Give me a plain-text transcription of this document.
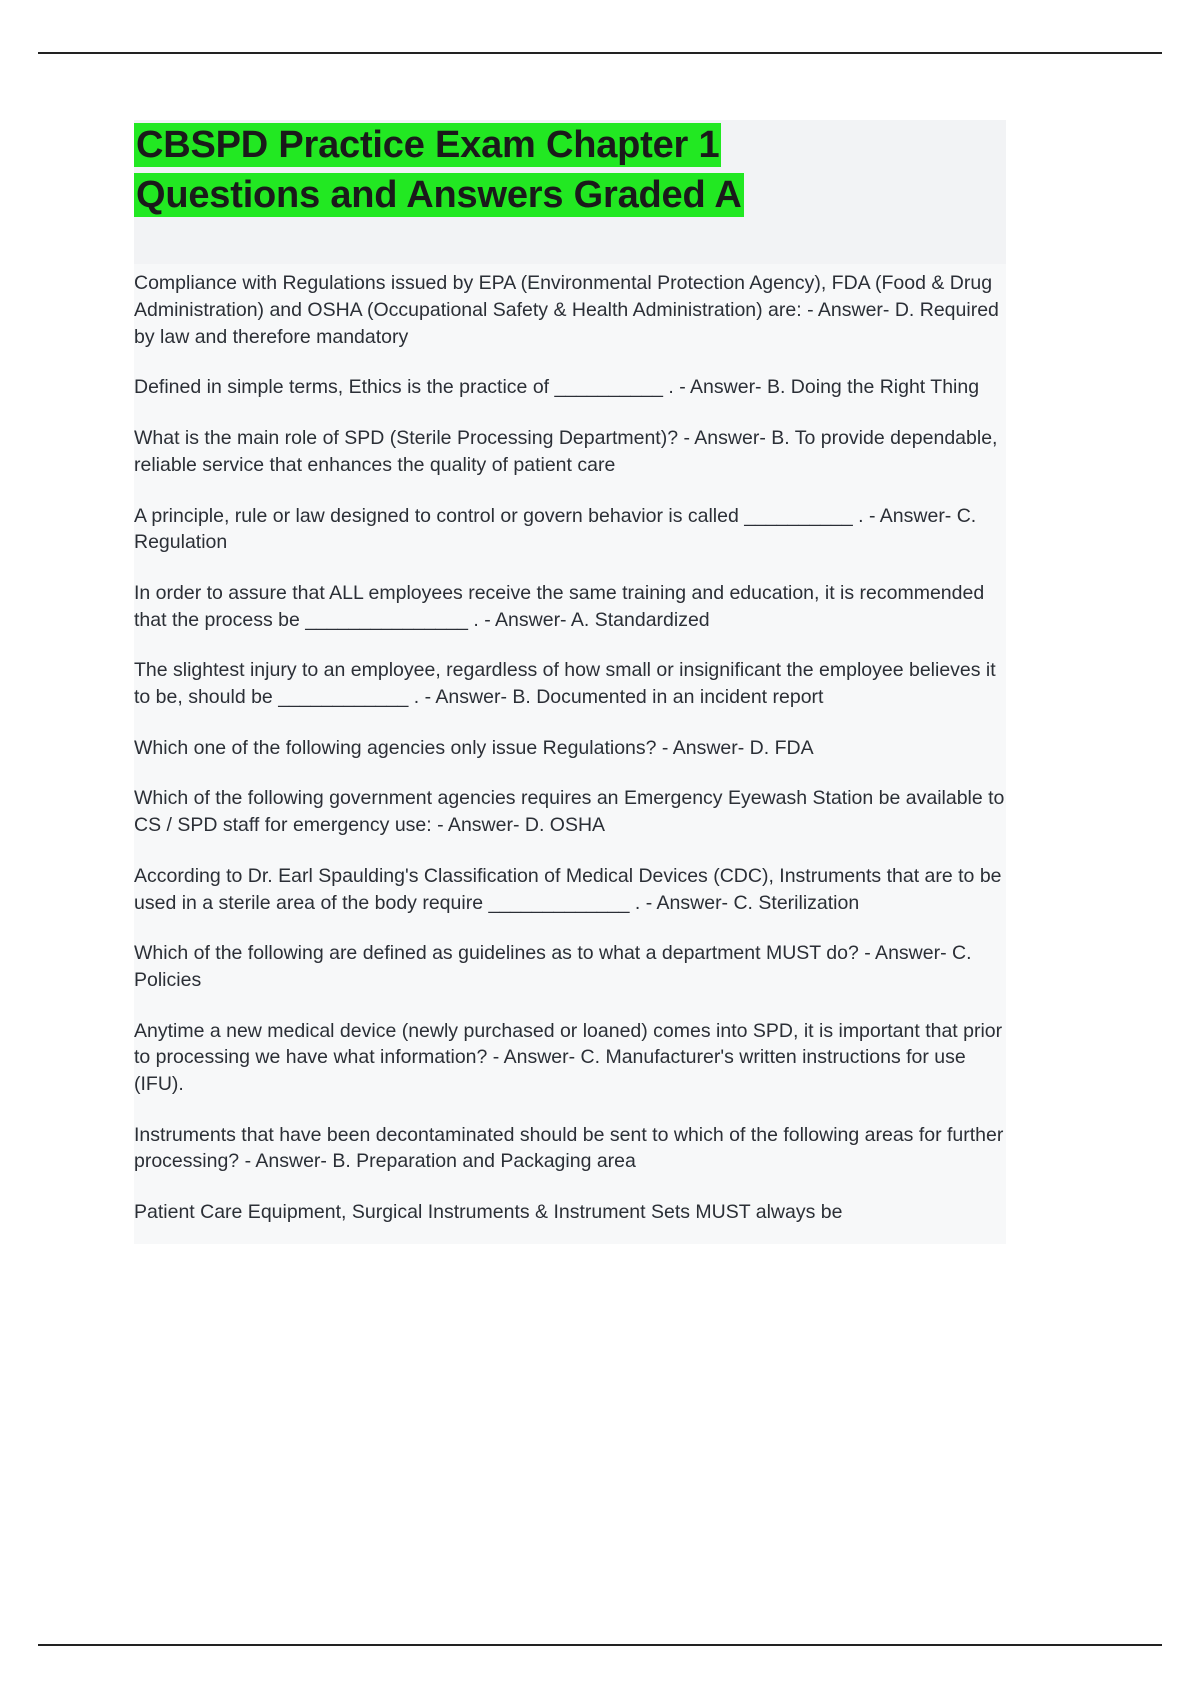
CBSPD Practice Exam Chapter 1
Questions and Answers Graded A

Compliance with Regulations issued by EPA (Environmental Protection Agency), FDA (Food & Drug Administration) and OSHA (Occupational Safety & Health Administration) are: - Answer- D. Required by law and therefore mandatory

Defined in simple terms, Ethics is the practice of __________ . - Answer- B. Doing the Right Thing

What is the main role of SPD (Sterile Processing Department)? - Answer- B. To provide dependable, reliable service that enhances the quality of patient care

A principle, rule or law designed to control or govern behavior is called __________ . - Answer- C. Regulation

In order to assure that ALL employees receive the same training and education, it is recommended that the process be _______________ . - Answer- A. Standardized

The slightest injury to an employee, regardless of how small or insignificant the employee believes it to be, should be ____________ . - Answer- B. Documented in an incident report

Which one of the following agencies only issue Regulations? - Answer- D. FDA

Which of the following government agencies requires an Emergency Eyewash Station be available to CS / SPD staff for emergency use: - Answer- D. OSHA

According to Dr. Earl Spaulding's Classification of Medical Devices (CDC), Instruments that are to be used in a sterile area of the body require _____________ . - Answer- C. Sterilization

Which of the following are defined as guidelines as to what a department MUST do? - Answer- C. Policies

Anytime a new medical device (newly purchased or loaned) comes into SPD, it is important that prior to processing we have what information? - Answer- C. Manufacturer's written instructions for use (IFU).

Instruments that have been decontaminated should be sent to which of the following areas for further processing? - Answer- B. Preparation and Packaging area

Patient Care Equipment, Surgical Instruments & Instrument Sets MUST always be
